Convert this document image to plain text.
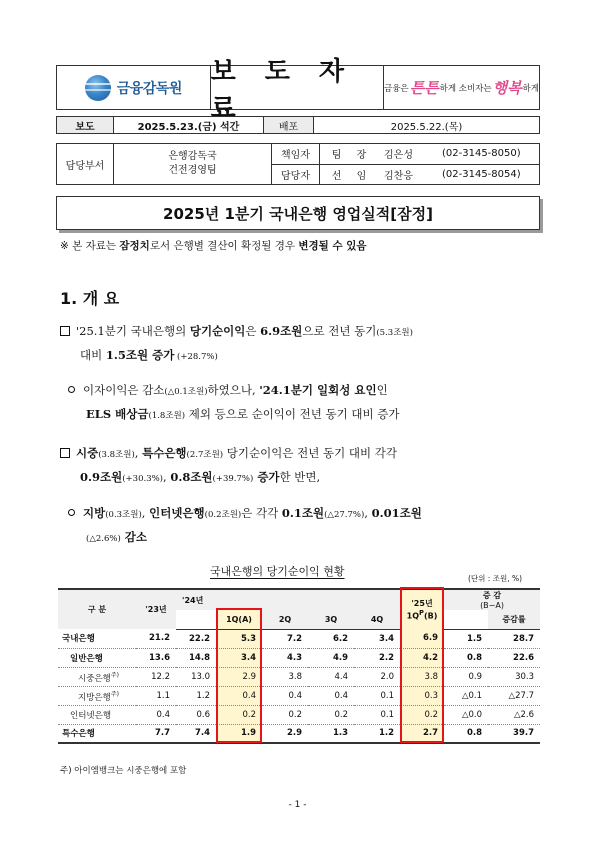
금융감독원
보 도 자 료
금융은 튼튼 하게 소비자는 행복 하게
보도	2025.5.23.(금) 석간	배포	2025.5.22.(목)
담당부서
은행감독국
건전경영팀
책임자	팀 장	김은성	(02-3145-8050)
담당자	선 임	김찬응	(02-3145-8054)
2025년 1분기 국내은행 영업실적[잠정]
※ 본 자료는 잠정치로서 은행별 결산이 확정될 경우 변경될 수 있음
1. 개 요
'25.1분기 국내은행의 당기순이익은 6.9조원으로 전년 동기(5.3조원)
대비 1.5조원 증가 (+28.7%)
이자이익은 감소(△0.1조원)하였으나, '24.1분기 일회성 요인인
ELS 배상금(1.8조원) 제외 등으로 순이익이 전년 동기 대비 증가
시중(3.8조원), 특수은행(2.7조원) 당기순이익은 전년 동기 대비 각각
0.9조원(+30.3%), 0.8조원(+39.7%) 증가한 반면,
지방(0.3조원), 인터넷은행(0.2조원)은 각각 0.1조원(△27.7%), 0.01조원
(△2.6%) 감소
국내은행의 당기순이익 현황
(단위 : 조원, %)
구 분	'23년	'24년					'25년
$1Q^P(B)$	증 감
(B−A)	
			1Q(A)	2Q	3Q	4Q			증감률
국내은행	21.2	22.2	5.3	7.2	6.2	3.4	6.9	1.5	28.7
일반은행	13.6	14.8	3.4	4.3	4.9	2.2	4.2	0.8	22.6
시중은행$^{주)}$	12.2	13.0	2.9	3.8	4.4	2.0	3.8	0.9	30.3
지방은행$^{주)}$	1.1	1.2	0.4	0.4	0.4	0.1	0.3	△0.1	△27.7
인터넷은행	0.4	0.6	0.2	0.2	0.2	0.1	0.2	△0.0	△2.6
특수은행	7.7	7.4	1.9	2.9	1.3	1.2	2.7	0.8	39.7
주) 아이엠뱅크는 시중은행에 포함
- 1 -
